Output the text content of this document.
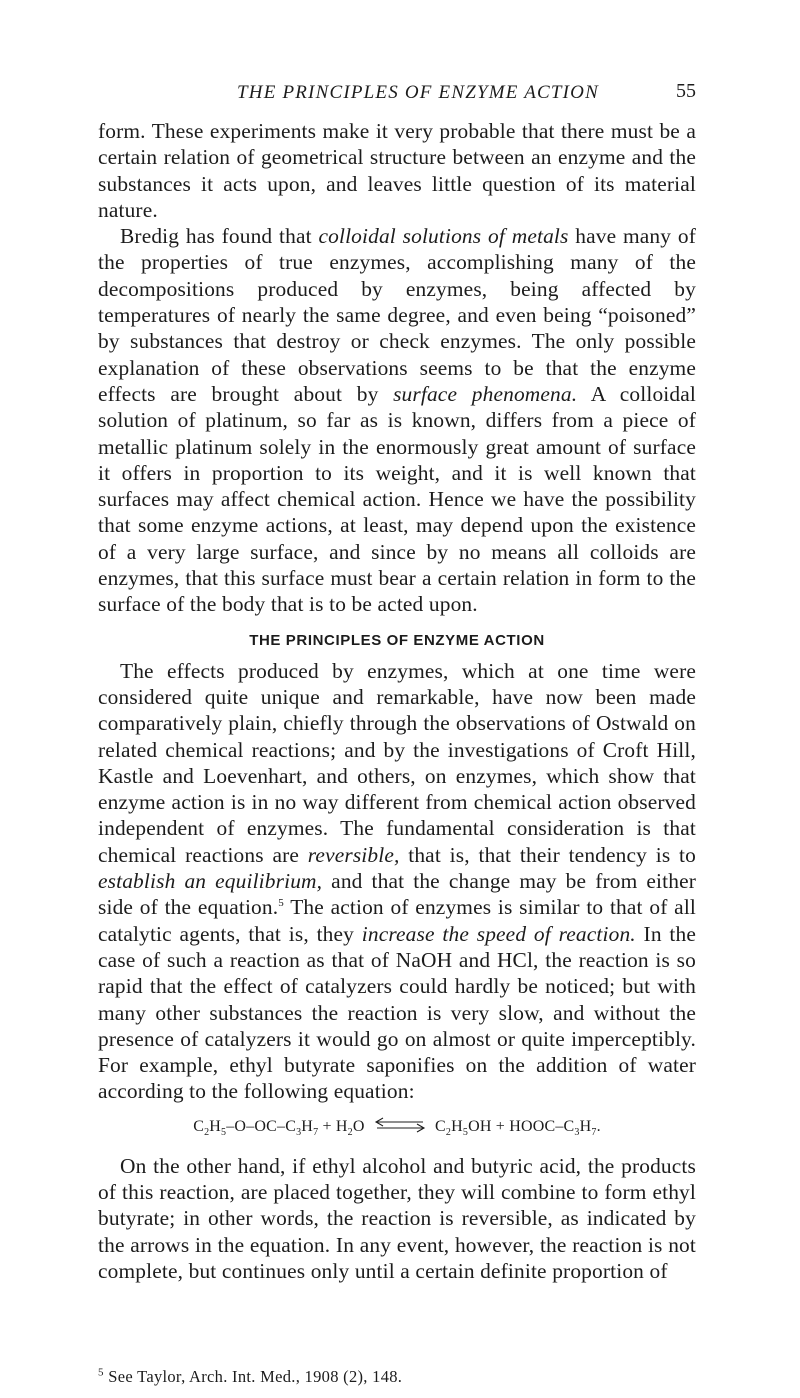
THE PRINCIPLES OF ENZYME ACTION	55

form. These experiments make it very probable that there must be a certain relation of geometrical structure between an enzyme and the substances it acts upon, and leaves little question of its material nature.

Bredig has found that colloidal solutions of metals have many of the properties of true enzymes, accomplishing many of the decompositions produced by enzymes, being affected by temperatures of nearly the same degree, and even being “poisoned” by substances that destroy or check enzymes. The only possible explanation of these observations seems to be that the enzyme effects are brought about by surface phenomena. A colloidal solution of platinum, so far as is known, differs from a piece of metallic platinum solely in the enormously great amount of surface it offers in proportion to its weight, and it is well known that surfaces may affect chemical action. Hence we have the possibility that some enzyme actions, at least, may depend upon the existence of a very large surface, and since by no means all colloids are enzymes, that this surface must bear a certain relation in form to the surface of the body that is to be acted upon.

THE PRINCIPLES OF ENZYME ACTION

The effects produced by enzymes, which at one time were considered quite unique and remarkable, have now been made comparatively plain, chiefly through the observations of Ostwald on related chemical reactions; and by the investigations of Croft Hill, Kastle and Loevenhart, and others, on enzymes, which show that enzyme action is in no way different from chemical action observed independent of enzymes. The fundamental consideration is that chemical reactions are reversible, that is, that their tendency is to establish an equilibrium, and that the change may be from either side of the equation.$^5$ The action of enzymes is similar to that of all catalytic agents, that is, they increase the speed of reaction. In the case of such a reaction as that of NaOH and HCl, the reaction is so rapid that the effect of catalyzers could hardly be noticed; but with many other substances the reaction is very slow, and without the presence of catalyzers it would go on almost or quite imperceptibly. For example, ethyl butyrate saponifies on the addition of water according to the following equation:

$C_2H_5-O-OC-C_3H_7 + H_2O$ ⇌ $C_2H_5OH$ + HOOC–$C_3H_7$.

On the other hand, if ethyl alcohol and butyric acid, the products of this reaction, are placed together, they will combine to form ethyl butyrate; in other words, the reaction is reversible, as indicated by the arrows in the equation. In any event, however, the reaction is not complete, but continues only until a certain definite proportion of

$^5$ See Taylor, Arch. Int. Med., 1908 (2), 148.
